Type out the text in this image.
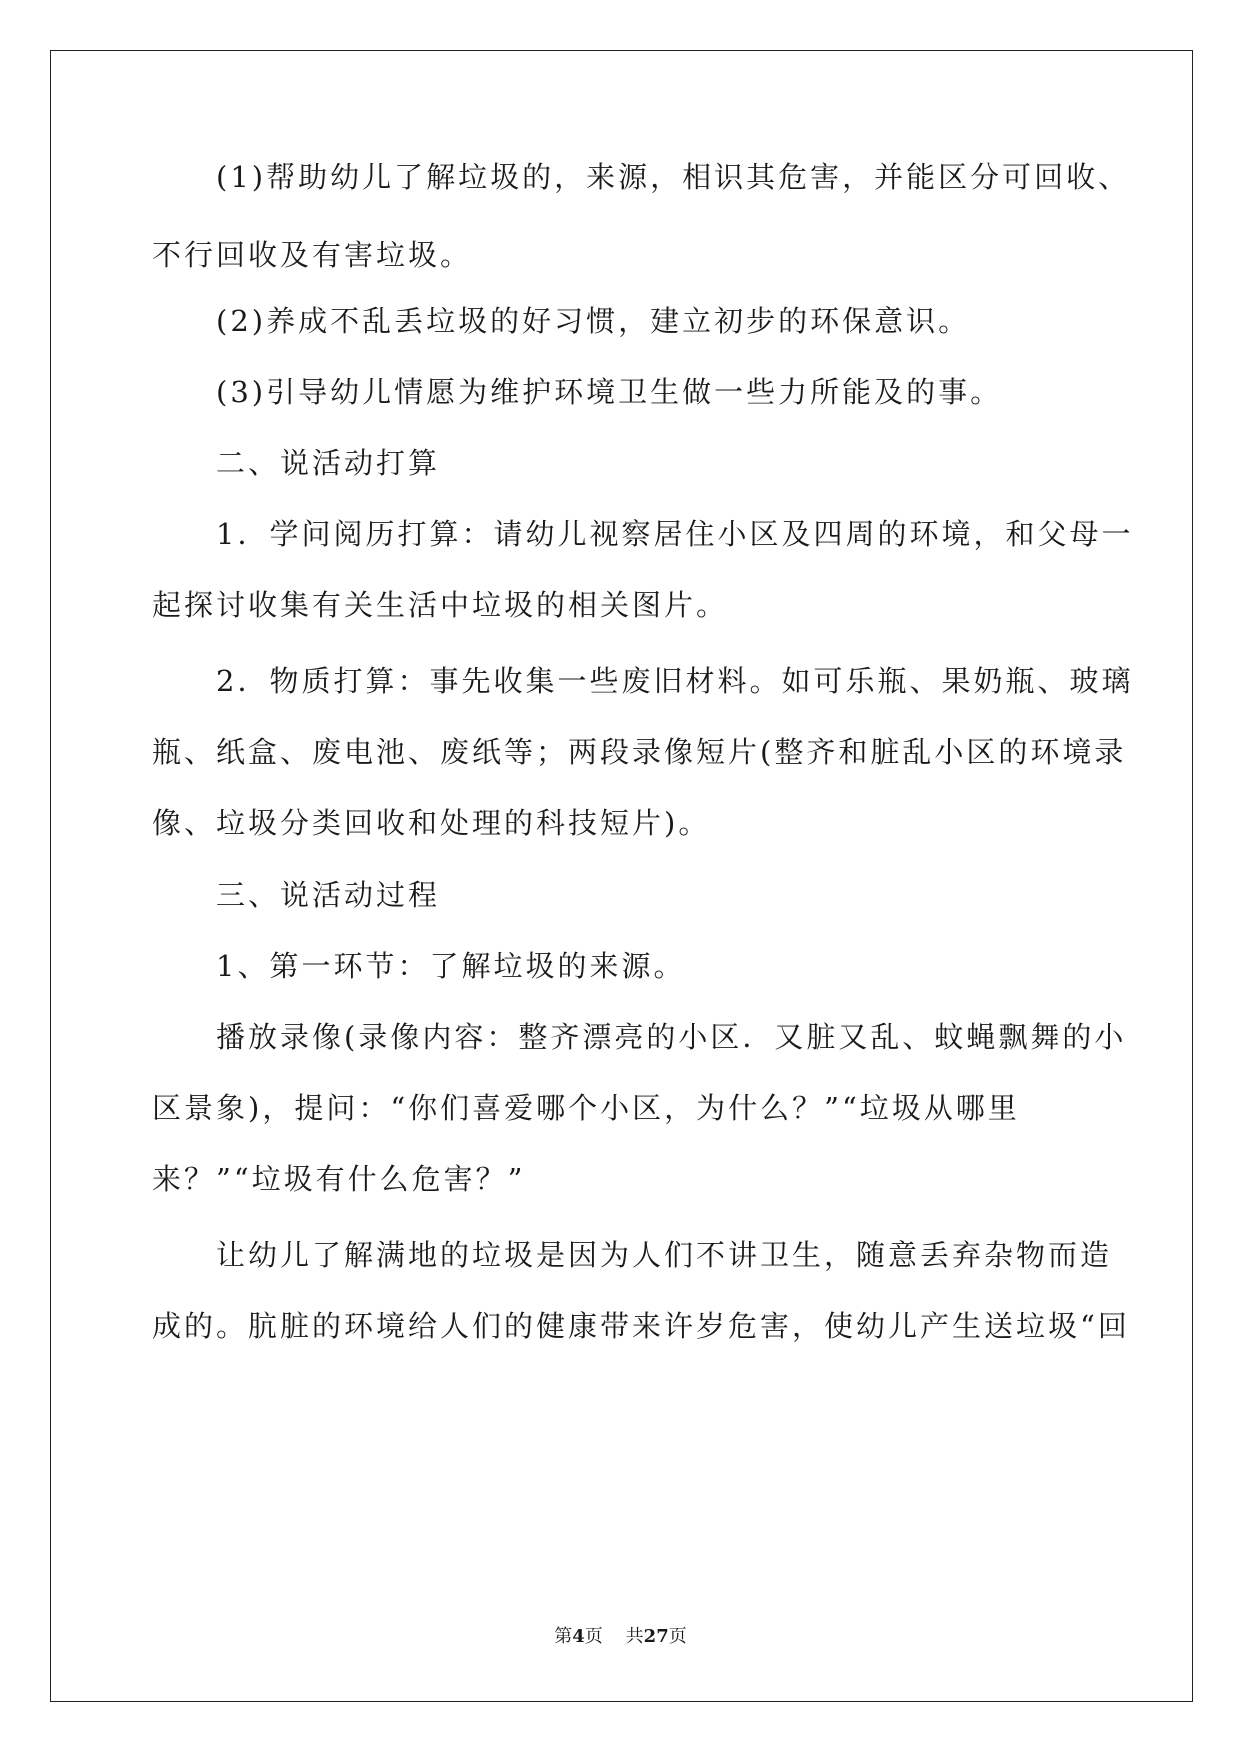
(1)帮助幼儿了解垃圾的，来源，相识其危害，并能区分可回收、
不行回收及有害垃圾。
(2)养成不乱丢垃圾的好习惯，建立初步的环保意识。
(3)引导幼儿情愿为维护环境卫生做一些力所能及的事。
二、说活动打算
1．学问阅历打算：请幼儿视察居住小区及四周的环境，和父母一
起探讨收集有关生活中垃圾的相关图片。
2．物质打算：事先收集一些废旧材料。如可乐瓶、果奶瓶、玻璃
瓶、纸盒、废电池、废纸等；两段录像短片(整齐和脏乱小区的环境录
像、垃圾分类回收和处理的科技短片)。
三、说活动过程
1、第一环节：了解垃圾的来源。
播放录像(录像内容：整齐漂亮的小区．又脏又乱、蚊蝇飘舞的小
区景象)，提问：“你们喜爱哪个小区，为什么？”“垃圾从哪里
来？”“垃圾有什么危害？”
让幼儿了解满地的垃圾是因为人们不讲卫生，随意丢弃杂物而造
成的。肮脏的环境给人们的健康带来许岁危害，使幼儿产生送垃圾“回
第4页 共27页
